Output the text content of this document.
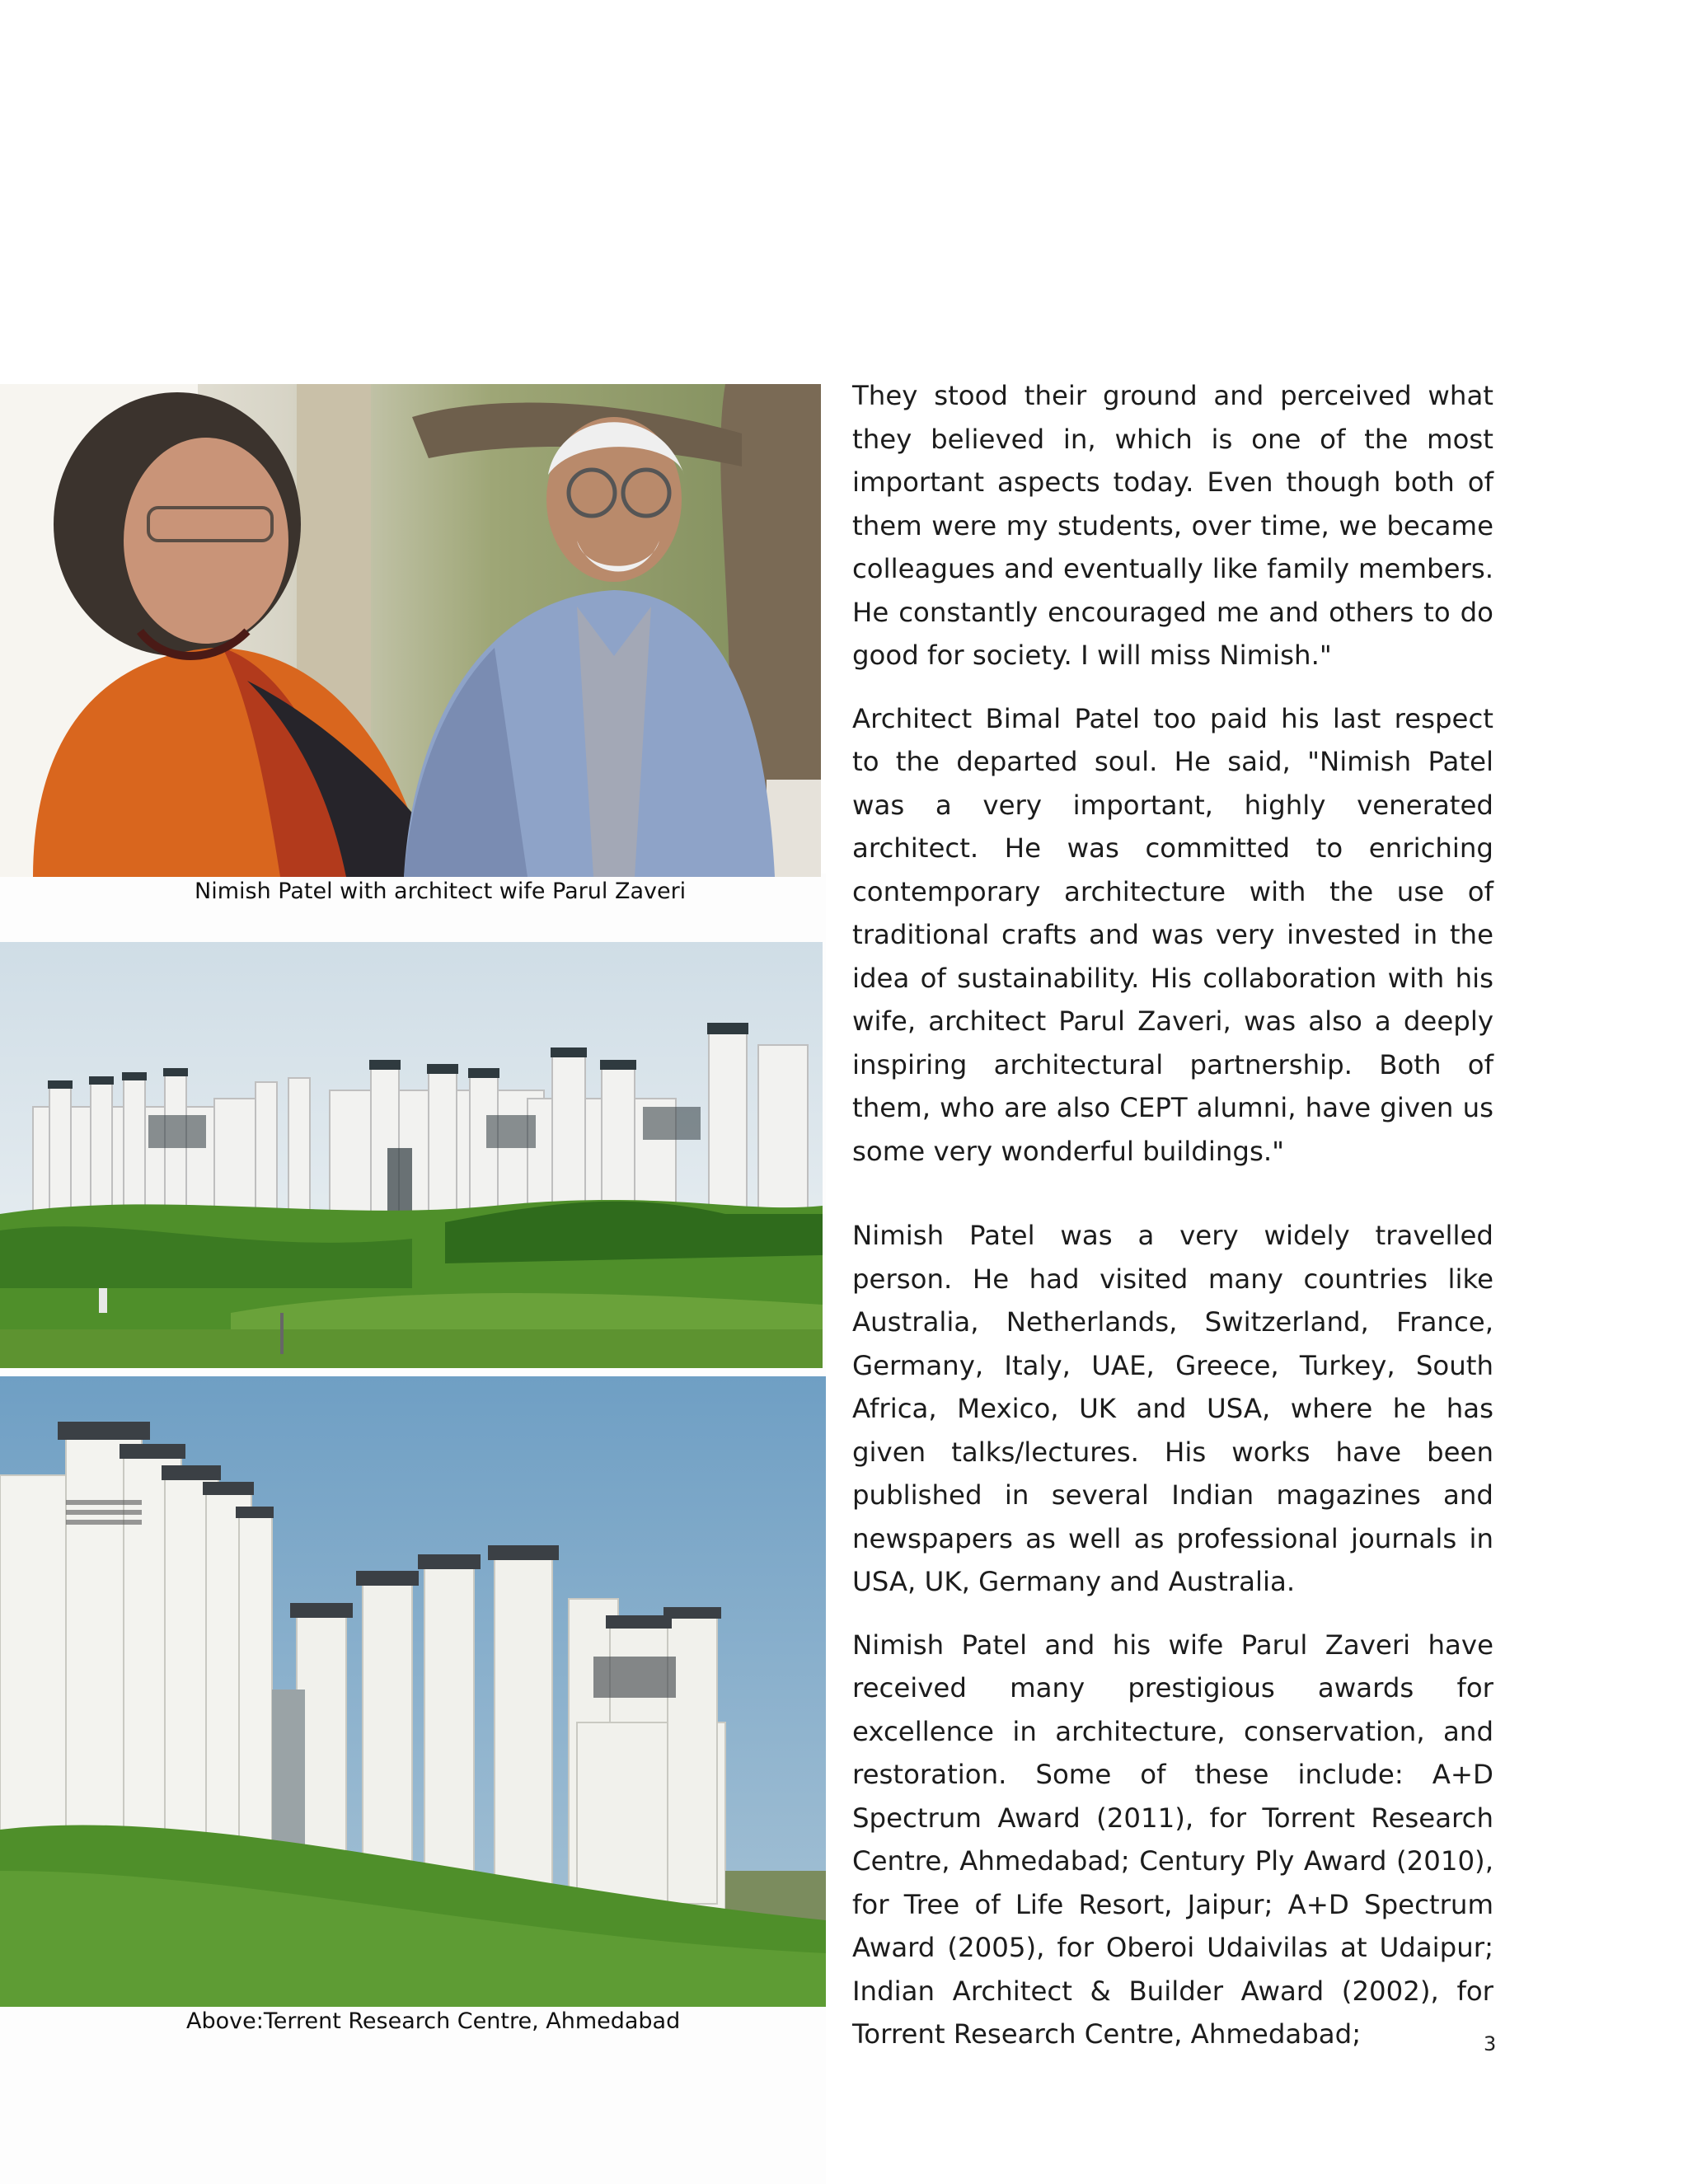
Nimish Patel with architect wife Parul Zaveri
Above:Terrent Research Centre, Ahmedabad

They stood their ground and perceived what they believed in, which is one of the most important aspects today. Even though both of them were my students, over time, we became colleagues and eventually like family members. He constantly encouraged me and others to do good for society. I will miss Nimish."

Architect Bimal Patel too paid his last respect to the departed soul. He said, "Nimish Patel was a very important, highly venerated architect. He was committed to enriching contemporary architecture with the use of traditional crafts and was very invested in the idea of sustainability. His collaboration with his wife, architect Parul Zaveri, was also a deeply inspiring architectural partnership. Both of them, who are also CEPT alumni, have given us some very wonderful buildings."

Nimish Patel was a very widely travelled person. He had visited many countries like Australia, Netherlands, Switzerland, France, Germany, Italy, UAE, Greece, Turkey, South Africa, Mexico, UK and USA, where he has given talks/lectures. His works have been published in several Indian magazines and newspapers as well as professional journals in USA, UK, Germany and Australia.

Nimish Patel and his wife Parul Zaveri have received many prestigious awards for excellence in architecture, conservation, and restoration. Some of these include: A+D Spectrum Award (2011), for Torrent Research Centre, Ahmedabad; Century Ply Award (2010), for Tree of Life Resort, Jaipur; A+D Spectrum Award (2005), for Oberoi Udaivilas at Udaipur; Indian Architect & Builder Award (2002), for Torrent Research Centre, Ahmedabad;	3
